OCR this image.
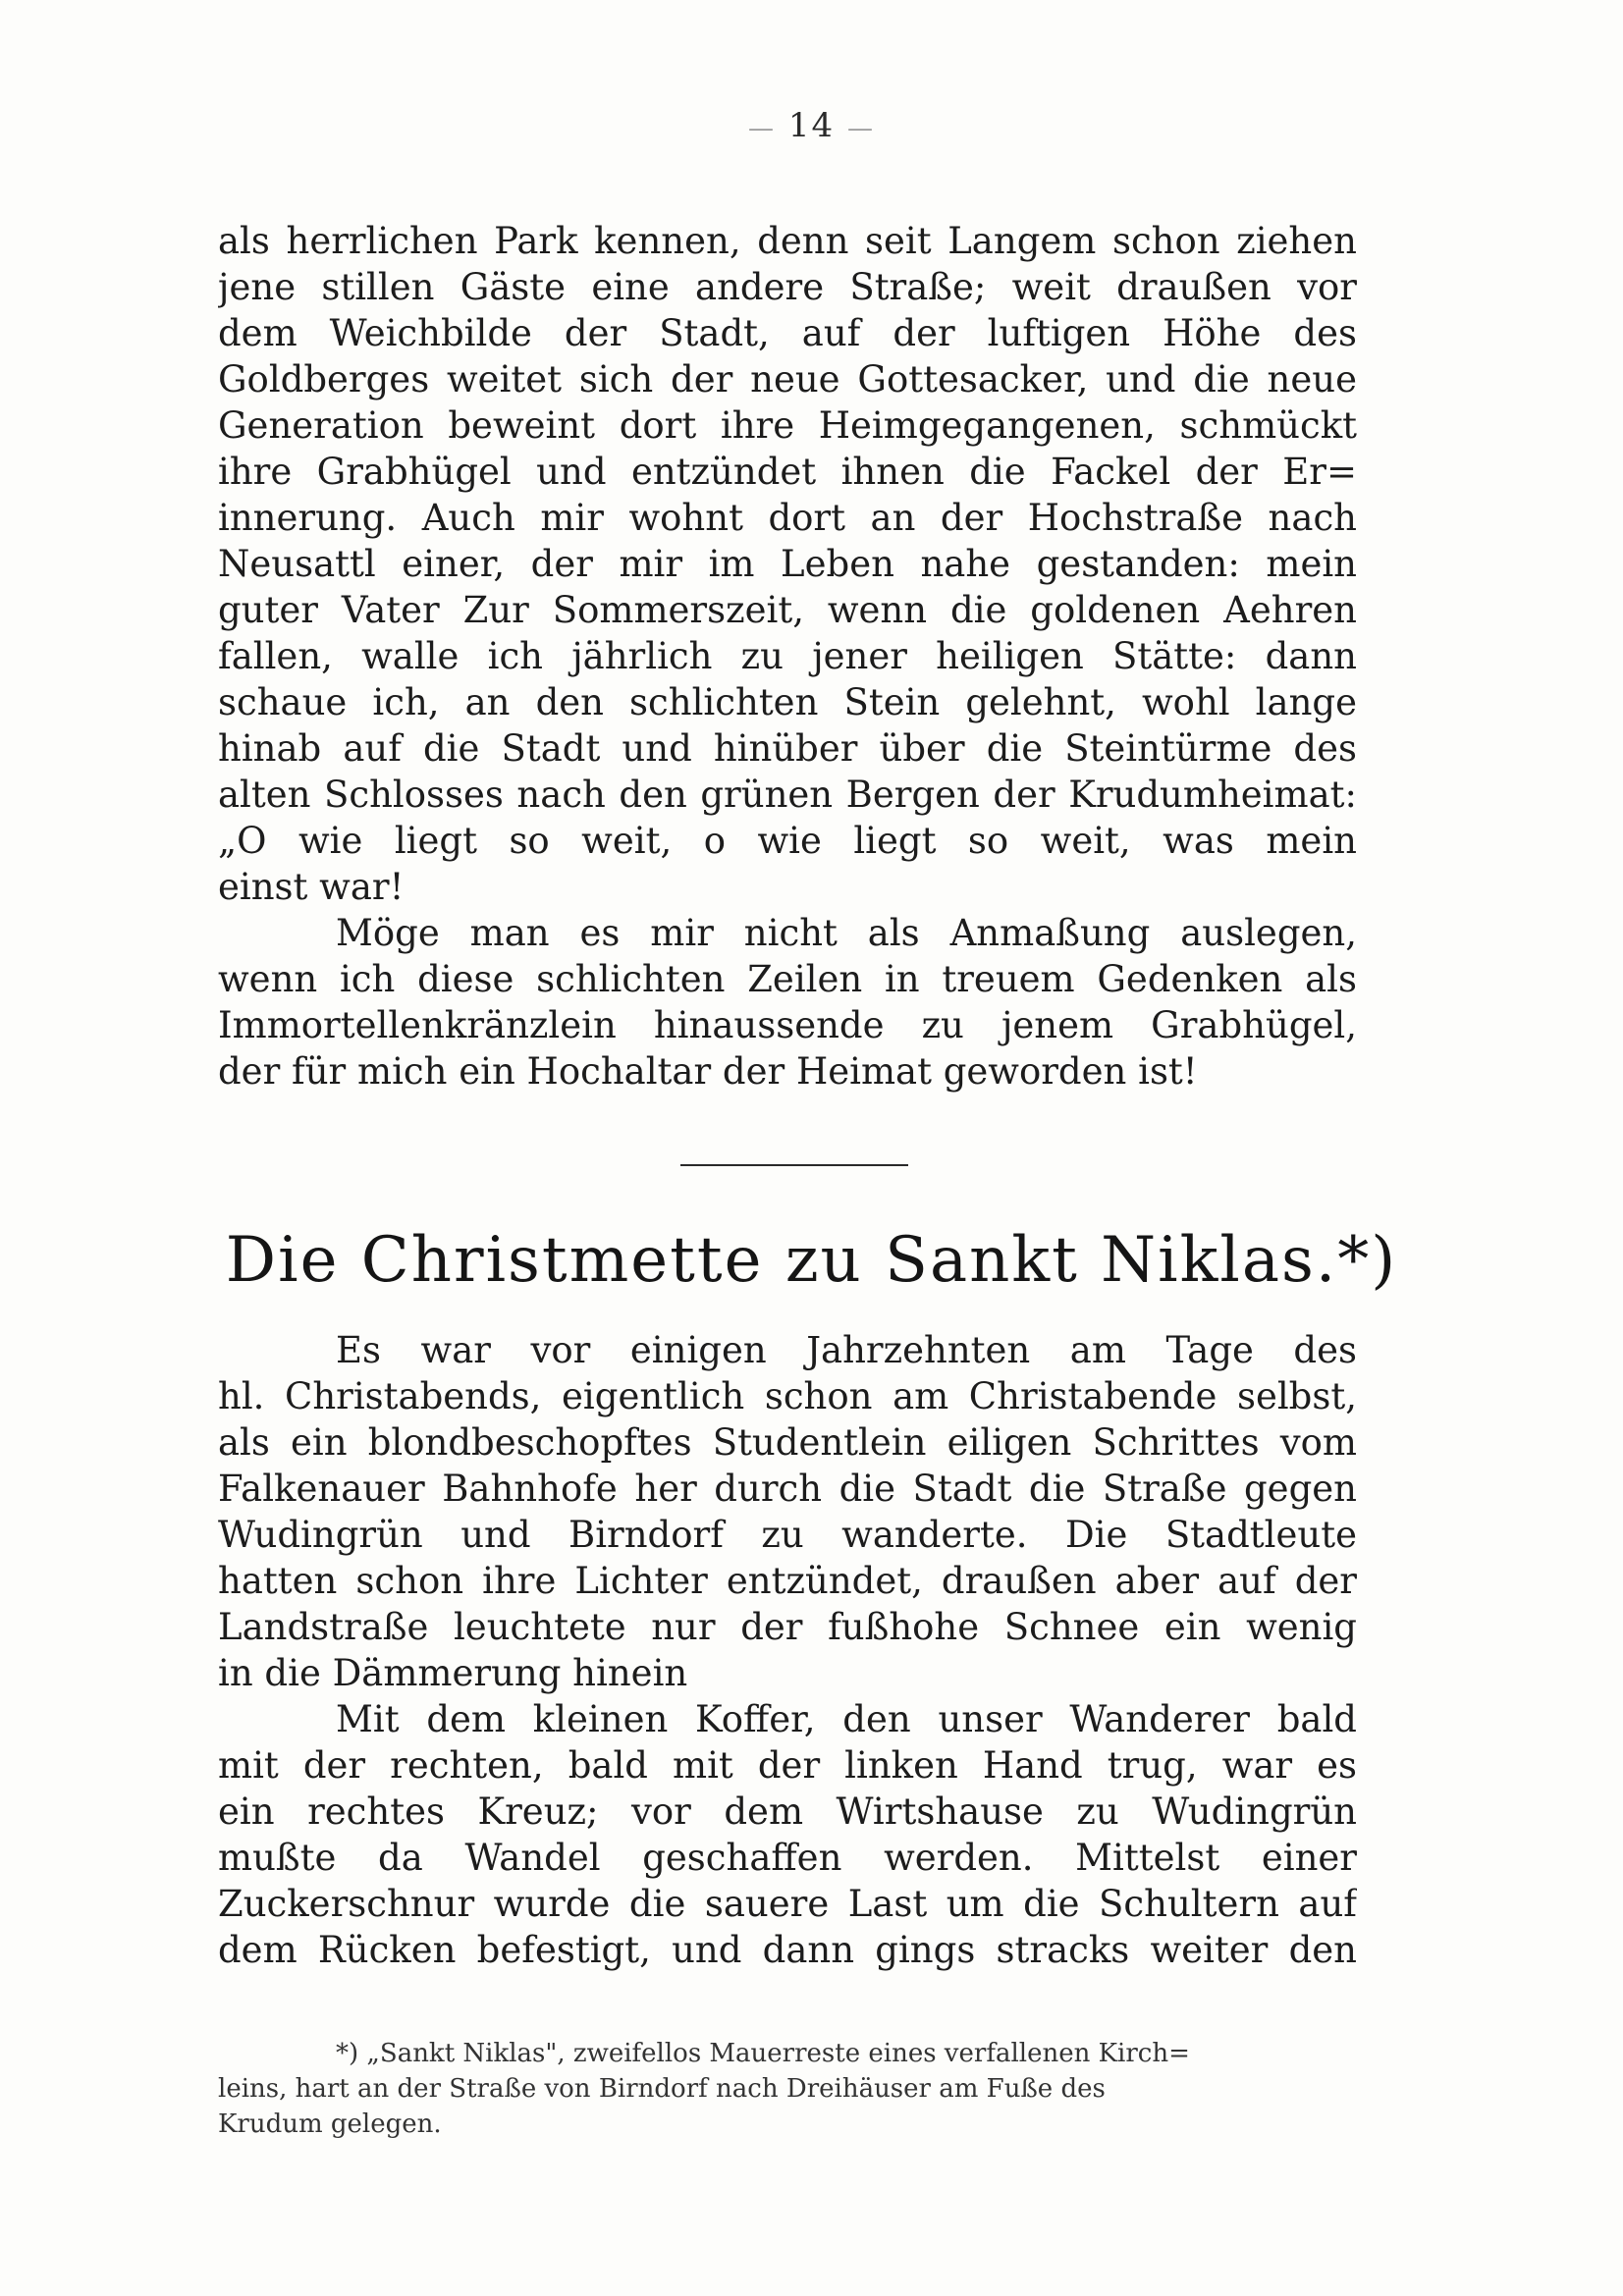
— 14 —
als herrlichen Park kennen, denn seit Langem schon ziehen
jene stillen Gäste eine andere Straße; weit draußen vor
dem Weichbilde der Stadt, auf der luftigen Höhe des
Goldberges weitet sich der neue Gottesacker, und die neue
Generation beweint dort ihre Heimgegangenen, schmückt
ihre Grabhügel und entzündet ihnen die Fackel der Er=
innerung. Auch mir wohnt dort an der Hochstraße nach
Neusattl einer, der mir im Leben nahe gestanden: mein
guter Vater Zur Sommerszeit, wenn die goldenen Aehren
fallen, walle ich jährlich zu jener heiligen Stätte: dann
schaue ich, an den schlichten Stein gelehnt, wohl lange
hinab auf die Stadt und hinüber über die Steintürme des
alten Schlosses nach den grünen Bergen der Krudumheimat:
„O wie liegt so weit, o wie liegt so weit, was mein
einst war!
Möge man es mir nicht als Anmaßung auslegen,
wenn ich diese schlichten Zeilen in treuem Gedenken als
Immortellenkränzlein hinaussende zu jenem Grabhügel,
der für mich ein Hochaltar der Heimat geworden ist!
Die Christmette zu Sankt Niklas.*)
Es war vor einigen Jahrzehnten am Tage des
hl. Christabends, eigentlich schon am Christabende selbst,
als ein blondbeschopftes Studentlein eiligen Schrittes vom
Falkenauer Bahnhofe her durch die Stadt die Straße gegen
Wudingrün und Birndorf zu wanderte. Die Stadtleute
hatten schon ihre Lichter entzündet, draußen aber auf der
Landstraße leuchtete nur der fußhohe Schnee ein wenig
in die Dämmerung hinein
Mit dem kleinen Koffer, den unser Wanderer bald
mit der rechten, bald mit der linken Hand trug, war es
ein rechtes Kreuz; vor dem Wirtshause zu Wudingrün
mußte da Wandel geschaffen werden. Mittelst einer
Zuckerschnur wurde die sauere Last um die Schultern auf
dem Rücken befestigt, und dann gings stracks weiter den
*) „Sankt Niklas", zweifellos Mauerreste eines verfallenen Kirch=
leins, hart an der Straße von Birndorf nach Dreihäuser am Fuße des
Krudum gelegen.
